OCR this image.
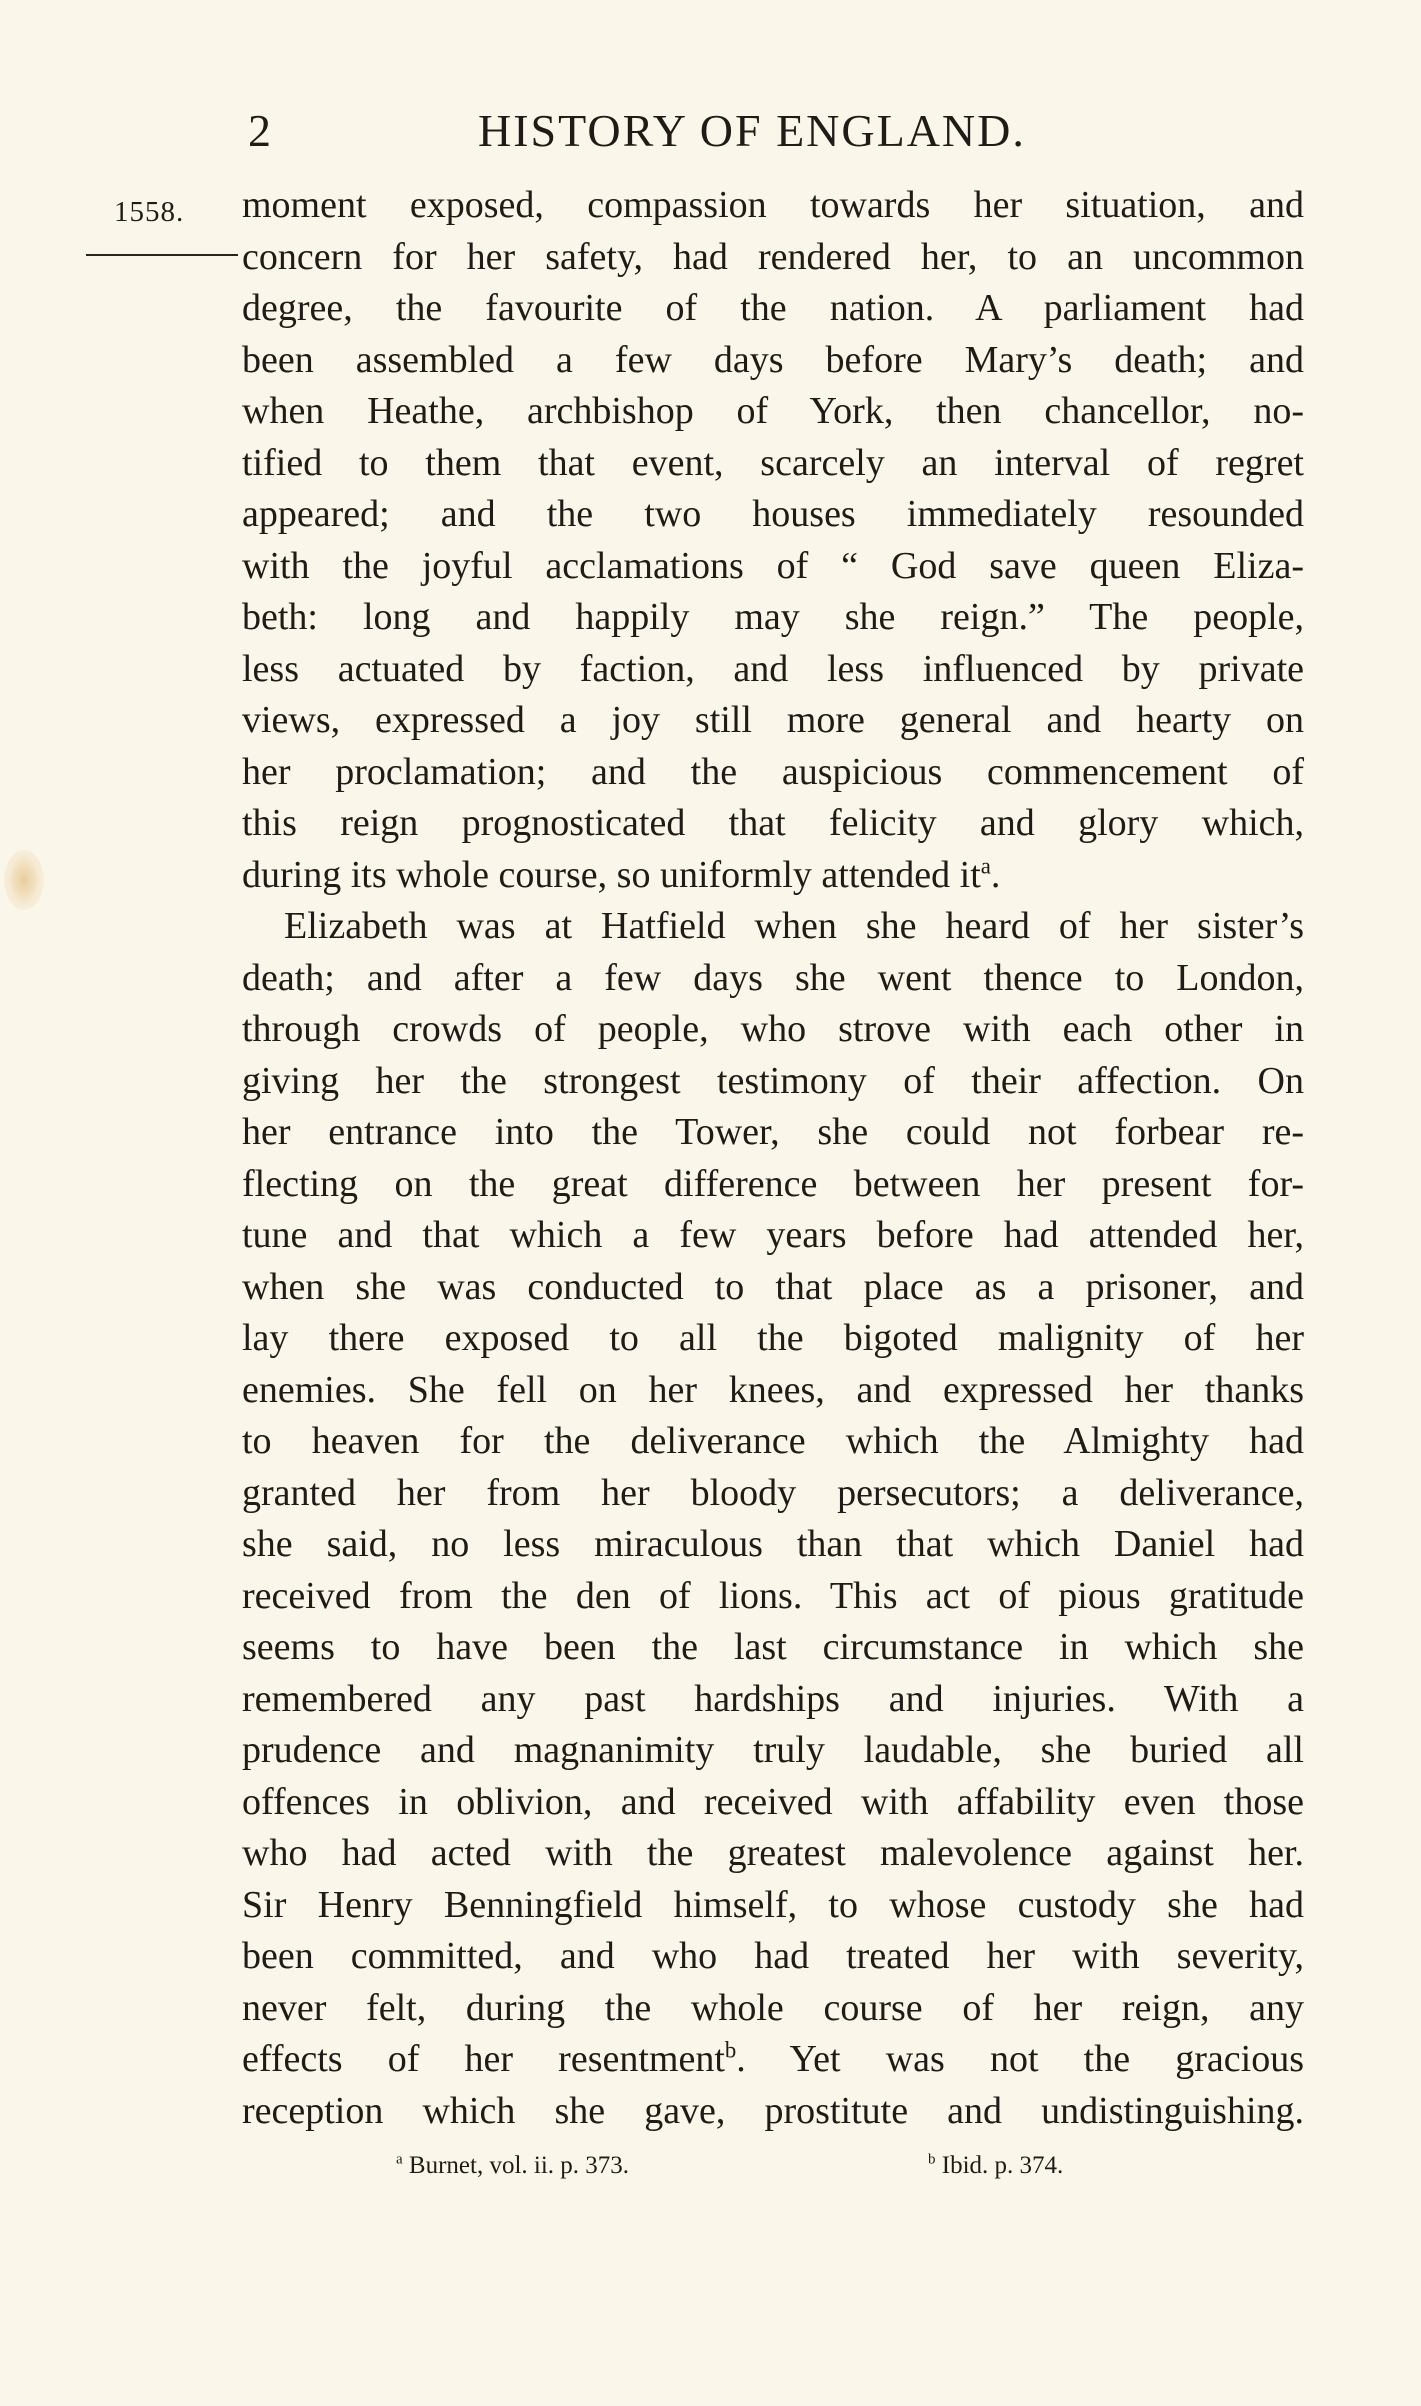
2	HISTORY OF ENGLAND.
1558. moment exposed, compassion towards her situation, and
concern for her safety, had rendered her, to an uncommon
degree, the favourite of the nation. A parliament had
been assembled a few days before Mary’s death; and
when Heathe, archbishop of York, then chancellor, no-
tified to them that event, scarcely an interval of regret
appeared; and the two houses immediately resounded
with the joyful acclamations of “ God save queen Eliza-
beth: long and happily may she reign.” The people,
less actuated by faction, and less influenced by private
views, expressed a joy still more general and hearty on
her proclamation; and the auspicious commencement of
this reign prognosticated that felicity and glory which,
during its whole course, so uniformly attended $it^a$.
Elizabeth was at Hatfield when she heard of her sister’s
death; and after a few days she went thence to London,
through crowds of people, who strove with each other in
giving her the strongest testimony of their affection. On
her entrance into the Tower, she could not forbear re-
flecting on the great difference between her present for-
tune and that which a few years before had attended her,
when she was conducted to that place as a prisoner, and
lay there exposed to all the bigoted malignity of her
enemies. She fell on her knees, and expressed her thanks
to heaven for the deliverance which the Almighty had
granted her from her bloody persecutors; a deliverance,
she said, no less miraculous than that which Daniel had
received from the den of lions. This act of pious gratitude
seems to have been the last circumstance in which she
remembered any past hardships and injuries. With a
prudence and magnanimity truly laudable, she buried all
offences in oblivion, and received with affability even those
who had acted with the greatest malevolence against her.
Sir Henry Benningfield himself, to whose custody she had
been committed, and who had treated her with severity,
never felt, during the whole course of her reign, any
effects of her resentment$^b$. Yet was not the gracious
reception which she gave, prostitute and undistinguishing.
$^a$ Burnet, vol. ii. p. 373.	$^b$ Ibid. p. 374.
